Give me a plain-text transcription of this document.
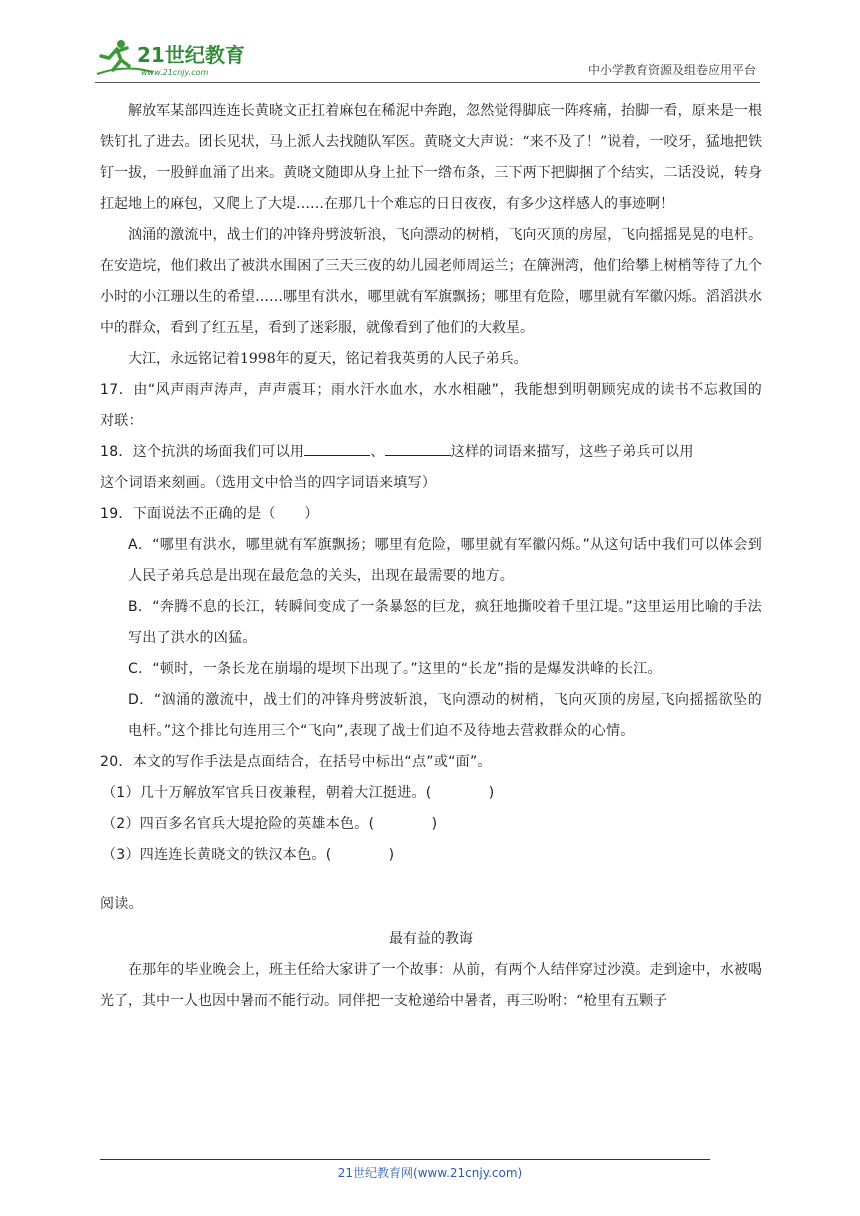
21世纪教育
www.21cnjy.com	中小学教育资源及组卷应用平台

解放军某部四连连长黄晓文正扛着麻包在稀泥中奔跑，忽然觉得脚底一阵疼痛，抬脚一看，原来是一根铁钉扎了进去。团长见状，马上派人去找随队军医。黄晓文大声说：“来不及了！”说着，一咬牙，猛地把铁钉一拔，一股鲜血涌了出来。黄晓文随即从身上扯下一绺布条，三下两下把脚捆了个结实，二话没说，转身扛起地上的麻包，又爬上了大堤……在那几十个难忘的日日夜夜，有多少这样感人的事迹啊！

汹涌的激流中，战士们的冲锋舟劈波斩浪，飞向漂动的树梢，飞向灭顶的房屋，飞向摇摇晃晃的电杆。在安造垸，他们救出了被洪水围困了三天三夜的幼儿园老师周运兰；在簰洲湾，他们给攀上树梢等待了九个小时的小江珊以生的希望……哪里有洪水，哪里就有军旗飘扬；哪里有危险，哪里就有军徽闪烁。滔滔洪水中的群众，看到了红五星，看到了迷彩服，就像看到了他们的大救星。

大江，永远铭记着1998年的夏天，铭记着我英勇的人民子弟兵。

17．由“风声雨声涛声，声声震耳；雨水汗水血水，水水相融”，我能想到明朝顾宪成的读书不忘救国的对联：

18．这个抗洪的场面我们可以用	、	这样的词语来描写，这些子弟兵可以用

这个词语来刻画。（选用文中恰当的四字词语来填写）

19．下面说法不正确的是（　　）

A．“哪里有洪水，哪里就有军旗飘扬；哪里有危险，哪里就有军徽闪烁。”从这句话中我们可以体会到人民子弟兵总是出现在最危急的关头，出现在最需要的地方。

B．“奔腾不息的长江，转瞬间变成了一条暴怒的巨龙，疯狂地撕咬着千里江堤。”这里运用比喻的手法写出了洪水的凶猛。

C．“顿时，一条长龙在崩塌的堤坝下出现了。”这里的“长龙”指的是爆发洪峰的长江。

D．“汹涌的激流中，战士们的冲锋舟劈波斩浪，飞向漂动的树梢，飞向灭顶的房屋,飞向摇摇欲坠的电杆。”这个排比句连用三个“飞向”,表现了战士们迫不及待地去营救群众的心情。

20．本文的写作手法是点面结合，在括号中标出“点”或“面”。

（1）几十万解放军官兵日夜兼程，朝着大江挺进。(　　　　)

（2）四百多名官兵大堤抢险的英雄本色。(　　　　)

（3）四连连长黄晓文的铁汉本色。(　　　　)

阅读。

最有益的教诲

在那年的毕业晚会上，班主任给大家讲了一个故事：从前，有两个人结伴穿过沙漠。走到途中，水被喝光了，其中一人也因中暑而不能行动。同伴把一支枪递给中暑者，再三吩咐：“枪里有五颗子

21世纪教育网(www.21cnjy.com)
